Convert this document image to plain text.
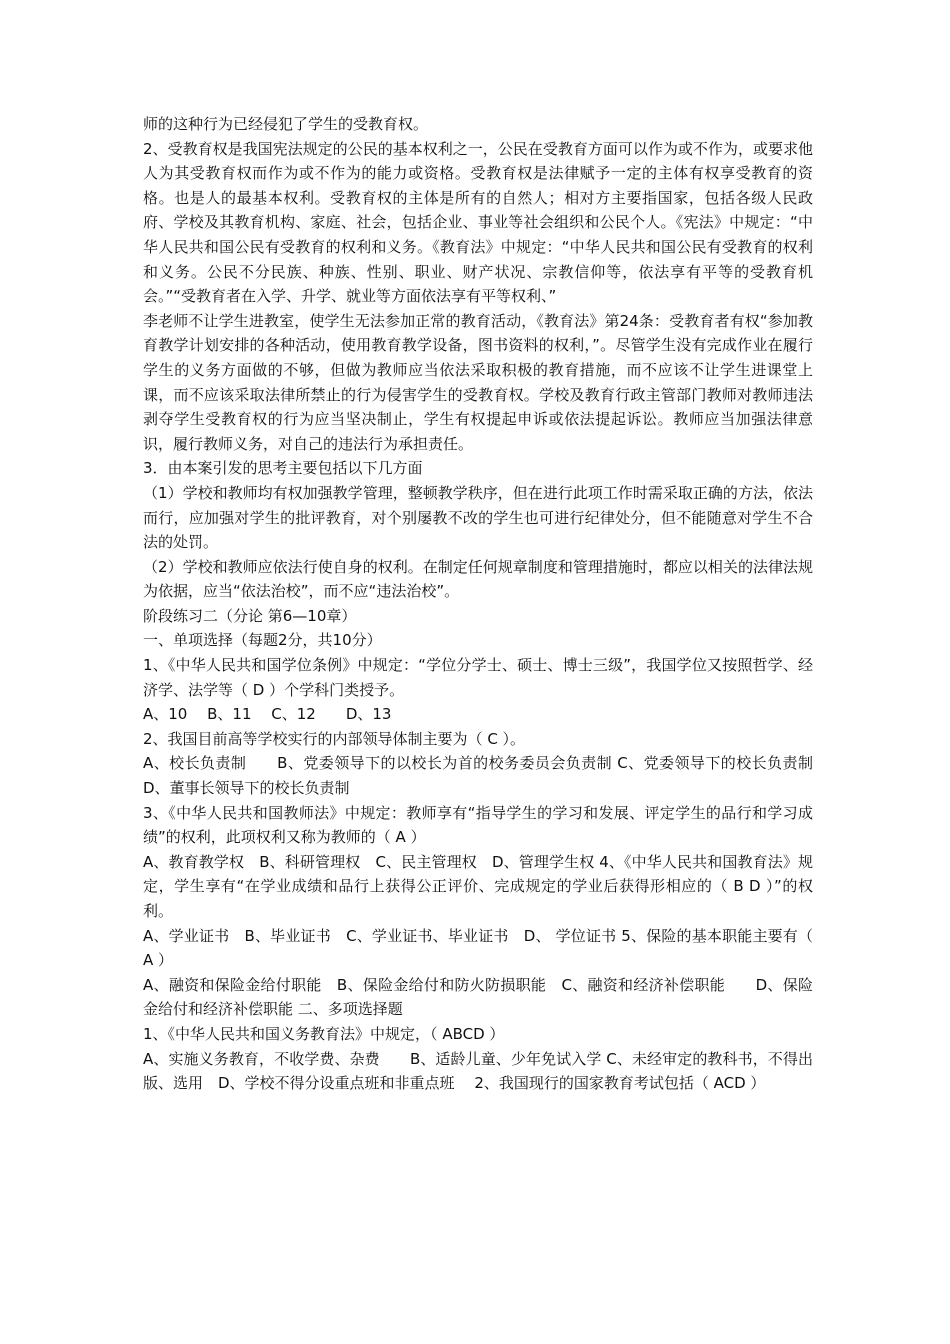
师的这种行为已经侵犯了学生的受教育权。

2、受教育权是我国宪法规定的公民的基本权利之一，公民在受教育方面可以作为或不作为，或要求他人为其受教育权而作为或不作为的能力或资格。受教育权是法律赋予一定的主体有权享受教育的资格。也是人的最基本权利。受教育权的主体是所有的自然人；相对方主要指国家，包括各级人民政府、学校及其教育机构、家庭、社会，包括企业、事业等社会组织和公民个人。《宪法》中规定：“中华人民共和国公民有受教育的权利和义务。《教育法》中规定：“中华人民共和国公民有受教育的权利和义务。公民不分民族、种族、性别、职业、财产状况、宗教信仰等，依法享有平等的受教育机会。”“受教育者在入学、升学、就业等方面依法享有平等权利、”

李老师不让学生进教室，使学生无法参加正常的教育活动，《教育法》第24条：受教育者有权“参加教育教学计划安排的各种活动，使用教育教学设备，图书资料的权利，”。尽管学生没有完成作业在履行学生的义务方面做的不够，但做为教师应当依法采取积极的教育措施，而不应该不让学生进课堂上课，而不应该采取法律所禁止的行为侵害学生的受教育权。学校及教育行政主管部门教师对教师违法剥夺学生受教育权的行为应当坚决制止，学生有权提起申诉或依法提起诉讼。教师应当加强法律意识，履行教师义务，对自己的违法行为承担责任。

3．由本案引发的思考主要包括以下几方面

（1）学校和教师均有权加强教学管理，整顿教学秩序，但在进行此项工作时需采取正确的方法，依法而行，应加强对学生的批评教育，对个别屡教不改的学生也可进行纪律处分，但不能随意对学生不合法的处罚。

（2）学校和教师应依法行使自身的权利。在制定任何规章制度和管理措施时，都应以相关的法律法规为依据，应当“依法治校”，而不应“违法治校”。

阶段练习二（分论 第6—10章）

一、单项选择（每题2分，共10分）

1、《中华人民共和国学位条例》中规定：“学位分学士、硕士、博士三级”，我国学位又按照哲学、经济学、法学等（ D ）个学科门类授予。

A、10　 B、11　 C、12　　D、13

2、我国目前高等学校实行的内部领导体制主要为（ C ）。

A、校长负责制　　B、党委领导下的以校长为首的校务委员会负责制 C、党委领导下的校长负责制　　D、董事长领导下的校长负责制

3、《中华人民共和国教师法》中规定：教师享有“指导学生的学习和发展、评定学生的品行和学习成绩”的权利，此项权利又称为教师的（ A ）

A、教育教学权　B、科研管理权　C、民主管理权　D、管理学生权 4、《中华人民共和国教育法》规定，学生享有“在学业成绩和品行上获得公正评价、完成规定的学业后获得形相应的（ B D ）”的权利。

A、学业证书　B、毕业证书　C、学业证书、毕业证书　D、 学位证书 5、保险的基本职能主要有（ A ）

A、融资和保险金给付职能　B、保险金给付和防火防损职能　C、融资和经济补偿职能　　D、保险金给付和经济补偿职能 二、多项选择题

1、《中华人民共和国义务教育法》中规定，（ ABCD ）

A、实施义务教育，不收学费、杂费　　B、适龄儿童、少年免试入学 C、未经审定的教科书，不得出版、选用　D、学校不得分设重点班和非重点班　 2、我国现行的国家教育考试包括（ ACD ）
